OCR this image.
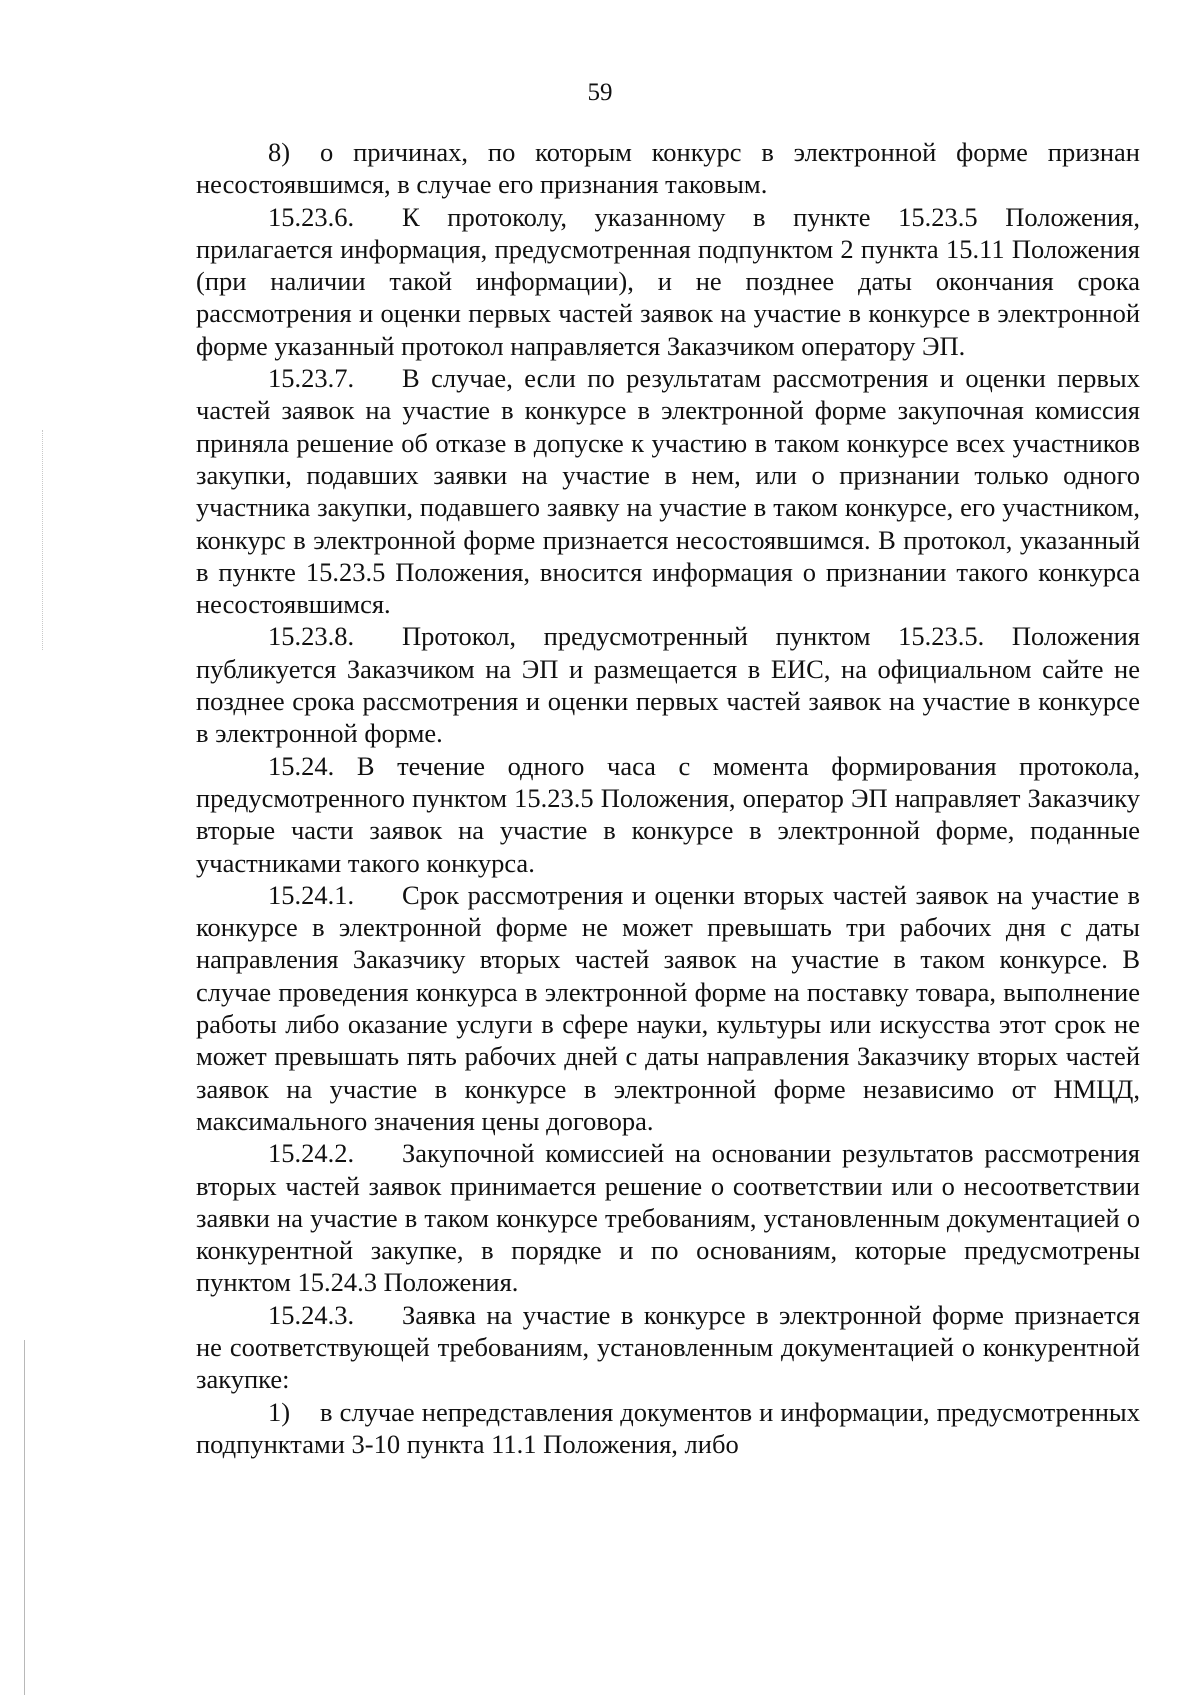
59

8) о причинах, по которым конкурс в электронной форме признан несостоявшимся, в случае его признания таковым.

15.23.6. К протоколу, указанному в пункте 15.23.5 Положения, прилагается информация, предусмотренная подпунктом 2 пункта 15.11 Положения (при наличии такой информации), и не позднее даты окончания срока рассмотрения и оценки первых частей заявок на участие в конкурсе в электронной форме указанный протокол направляется Заказчиком оператору ЭП.

15.23.7. В случае, если по результатам рассмотрения и оценки первых частей заявок на участие в конкурсе в электронной форме закупочная комиссия приняла решение об отказе в допуске к участию в таком конкурсе всех участников закупки, подавших заявки на участие в нем, или о признании только одного участника закупки, подавшего заявку на участие в таком конкурсе, его участником, конкурс в электронной форме признается несостоявшимся. В протокол, указанный в пункте 15.23.5 Положения, вносится информация о признании такого конкурса несостоявшимся.

15.23.8. Протокол, предусмотренный пунктом 15.23.5. Положения публикуется Заказчиком на ЭП и размещается в ЕИС, на официальном сайте не позднее срока рассмотрения и оценки первых частей заявок на участие в конкурсе в электронной форме.

15.24. В течение одного часа с момента формирования протокола, предусмотренного пунктом 15.23.5 Положения, оператор ЭП направляет Заказчику вторые части заявок на участие в конкурсе в электронной форме, поданные участниками такого конкурса.

15.24.1. Срок рассмотрения и оценки вторых частей заявок на участие в конкурсе в электронной форме не может превышать три рабочих дня с даты направления Заказчику вторых частей заявок на участие в таком конкурсе. В случае проведения конкурса в электронной форме на поставку товара, выполнение работы либо оказание услуги в сфере науки, культуры или искусства этот срок не может превышать пять рабочих дней с даты направления Заказчику вторых частей заявок на участие в конкурсе в электронной форме независимо от НМЦД, максимального значения цены договора.

15.24.2. Закупочной комиссией на основании результатов рассмотрения вторых частей заявок принимается решение о соответствии или о несоответствии заявки на участие в таком конкурсе требованиям, установленным документацией о конкурентной закупке, в порядке и по основаниям, которые предусмотрены пунктом 15.24.3 Положения.

15.24.3. Заявка на участие в конкурсе в электронной форме признается не соответствующей требованиям, установленным документацией о конкурентной закупке:

1) в случае непредставления документов и информации, предусмотренных подпунктами 3-10 пункта 11.1 Положения, либо
